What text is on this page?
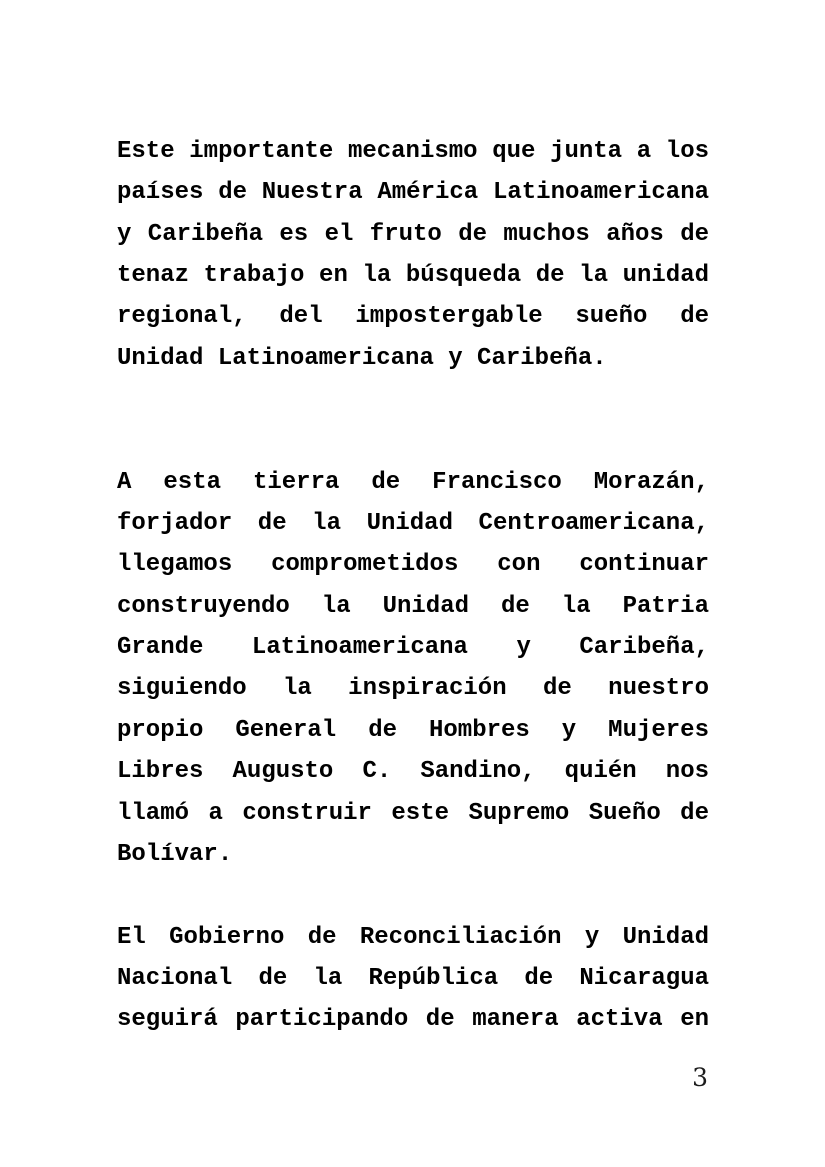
Este importante mecanismo que junta a los
países de Nuestra América Latinoamericana
y Caribeña es el fruto de muchos años de
tenaz trabajo en la búsqueda de la unidad
regional, del impostergable sueño de
Unidad Latinoamericana y Caribeña.
A esta tierra de Francisco Morazán,
forjador de la Unidad Centroamericana,
llegamos comprometidos con continuar
construyendo la Unidad de la Patria
Grande Latinoamericana y Caribeña,
siguiendo la inspiración de nuestro
propio General de Hombres y Mujeres
Libres Augusto C. Sandino, quién nos
llamó a construir este Supremo Sueño de
Bolívar.
El Gobierno de Reconciliación y Unidad
Nacional de la República de Nicaragua
seguirá participando de manera activa en
3
